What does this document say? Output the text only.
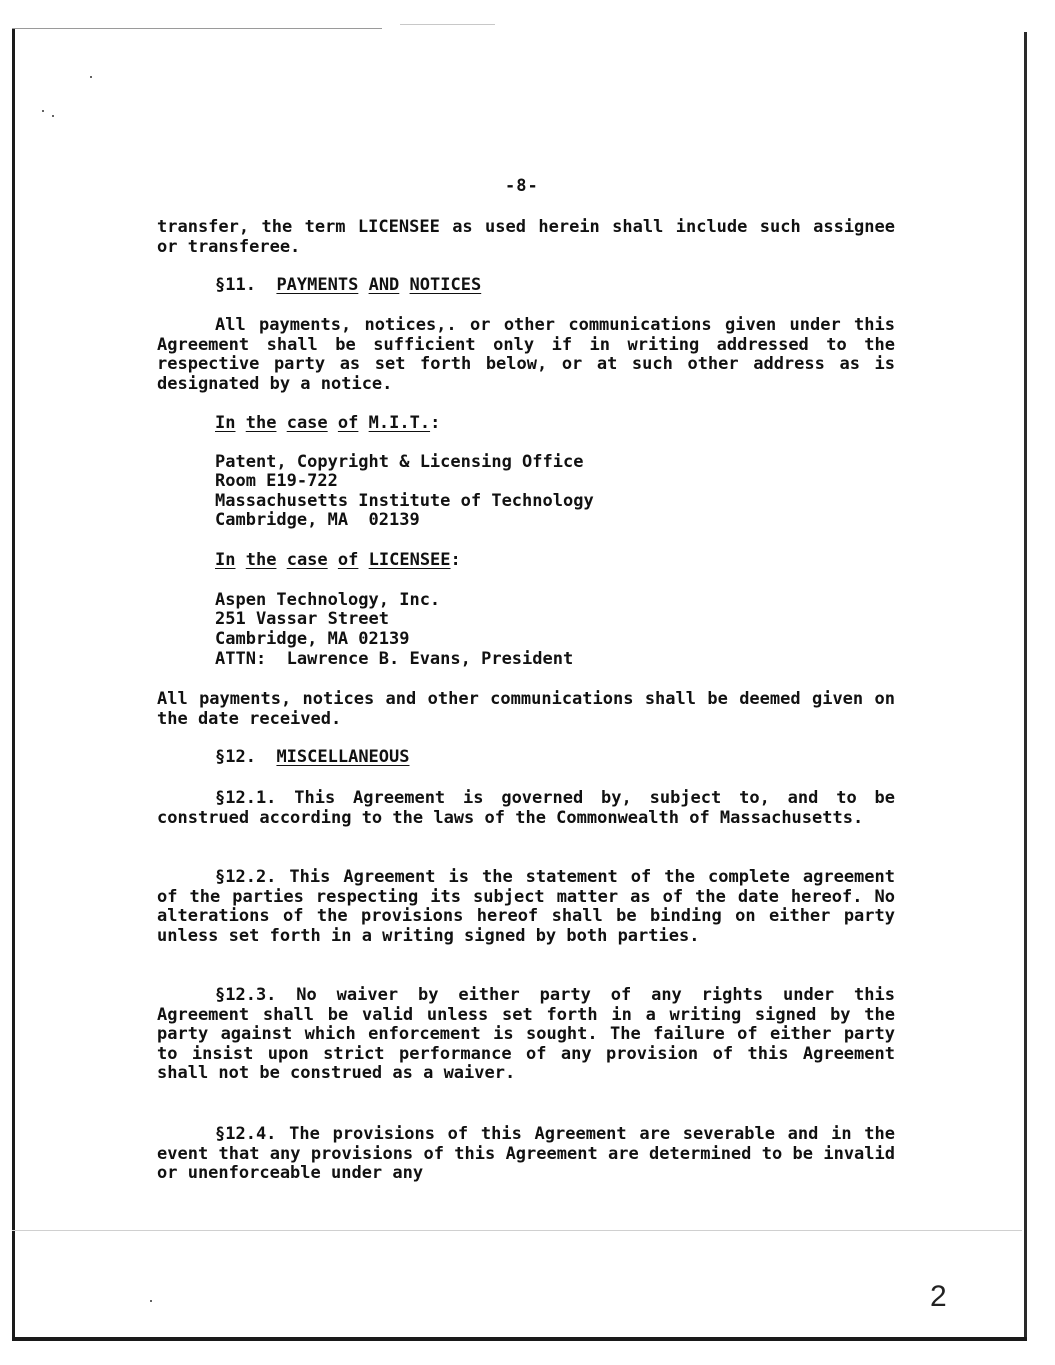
-8-
transfer, the term LICENSEE as used herein shall include such assignee or transferee.
§11. PAYMENTS AND NOTICES
All payments, notices,. or other communications given under this Agreement shall be sufficient only if in writing addressed to the respective party as set forth below, or at such other address as is designated by a notice.
In the case of M.I.T.:
Patent, Copyright & Licensing Office
Room E19-722
Massachusetts Institute of Technology
Cambridge, MA  02139
In the case of LICENSEE:
Aspen Technology, Inc.
251 Vassar Street
Cambridge, MA 02139
ATTN:  Lawrence B. Evans, President
All payments, notices and other communications shall be deemed given on the date received.
§12. MISCELLANEOUS
§12.1. This Agreement is governed by, subject to, and to be construed according to the laws of the Commonwealth of Massachusetts.
§12.2. This Agreement is the statement of the complete agreement of the parties respecting its subject matter as of the date hereof. No alterations of the provisions hereof shall be binding on either party unless set forth in a writing signed by both parties.
§12.3. No waiver by either party of any rights under this Agreement shall be valid unless set forth in a writing signed by the party against which enforcement is sought. The failure of either party to insist upon strict performance of any provision of this Agreement shall not be construed as a waiver.
§12.4. The provisions of this Agreement are severable and in the event that any provisions of this Agreement are determined to be invalid or unenforceable under any
2
